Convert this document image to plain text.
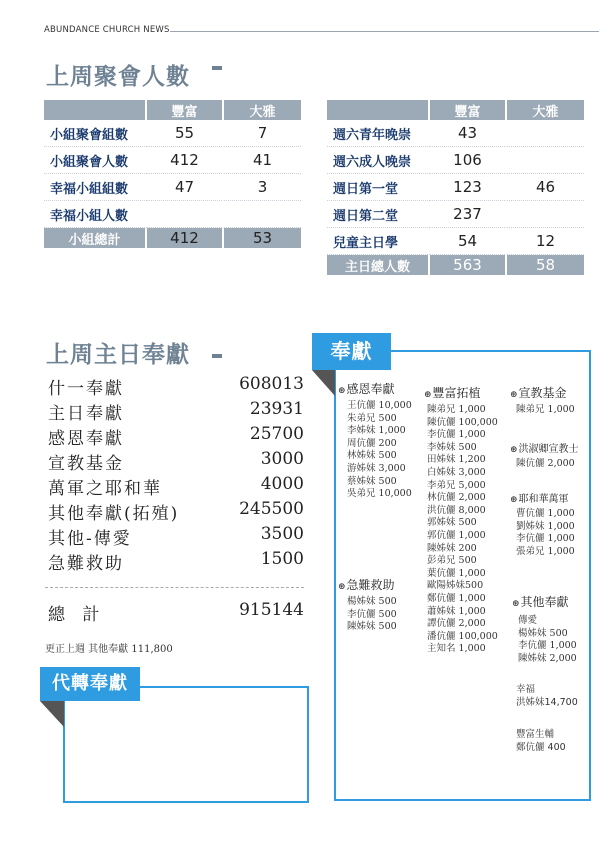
ABUNDANCE CHURCH NEWS
上周聚會人數
	豐富	大雅
小組聚會組數	55	7
小組聚會人數	412	41
幸福小組組數	47	3
幸福小組人數		
小組總計	412	53
	豐富	大雅
週六青年晚崇	43	
週六成人晚崇	106	
週日第一堂	123	46
週日第二堂	237	
兒童主日學	54	12
主日總人數	563	58
上周主日奉獻
什一奉獻	608013
主日奉獻	23931
感恩奉獻	25700
宣教基金	3000
萬軍之耶和華	4000
其他奉獻(拓殖)	245500
其他-傳愛	3500
急難救助	1500
總 計	915144
更正上週 其他奉獻 111,800
代轉奉獻
奉獻
⊛感恩奉獻
王伉儷 10,000
朱弟兄 500
李姊妹 1,000
周伉儷 200
林姊妹 500
游姊妹 3,000
蔡姊妹 500
吳弟兄 10,000
⊛急難救助
楊姊妹 500
李伉儷 500
陳姊妹 500
⊛豐富拓植
陳弟兄 1,000
陳伉儷 100,000
李伉儷 1,000
李姊妹 500
田姊妹 1,200
白姊妹 3,000
李弟兄 5,000
林伉儷 2,000
洪伉儷 8,000
郭姊妹 500
郭伉儷 1,000
陳姊妹 200
彭弟兄 500
葉伉儷 1,000
歐陽姊妹500
鄭伉儷 1,000
蕭姊妹 1,000
譚伉儷 2,000
潘伉儷 100,000
主知名 1,000
⊛宣教基金
陳弟兄 1,000
⊛洪淑卿宣教士
陳伉儷 2,000
⊛耶和華萬軍
曹伉儷 1,000
劉姊妹 1,000
李伉儷 1,000
張弟兄 1,000
⊛其他奉獻
傳愛
楊姊妹 500
李伉儷 1,000
陳姊妹 2,000
幸福
洪姊妹14,700
豐富生輔
鄭伉儷 400
